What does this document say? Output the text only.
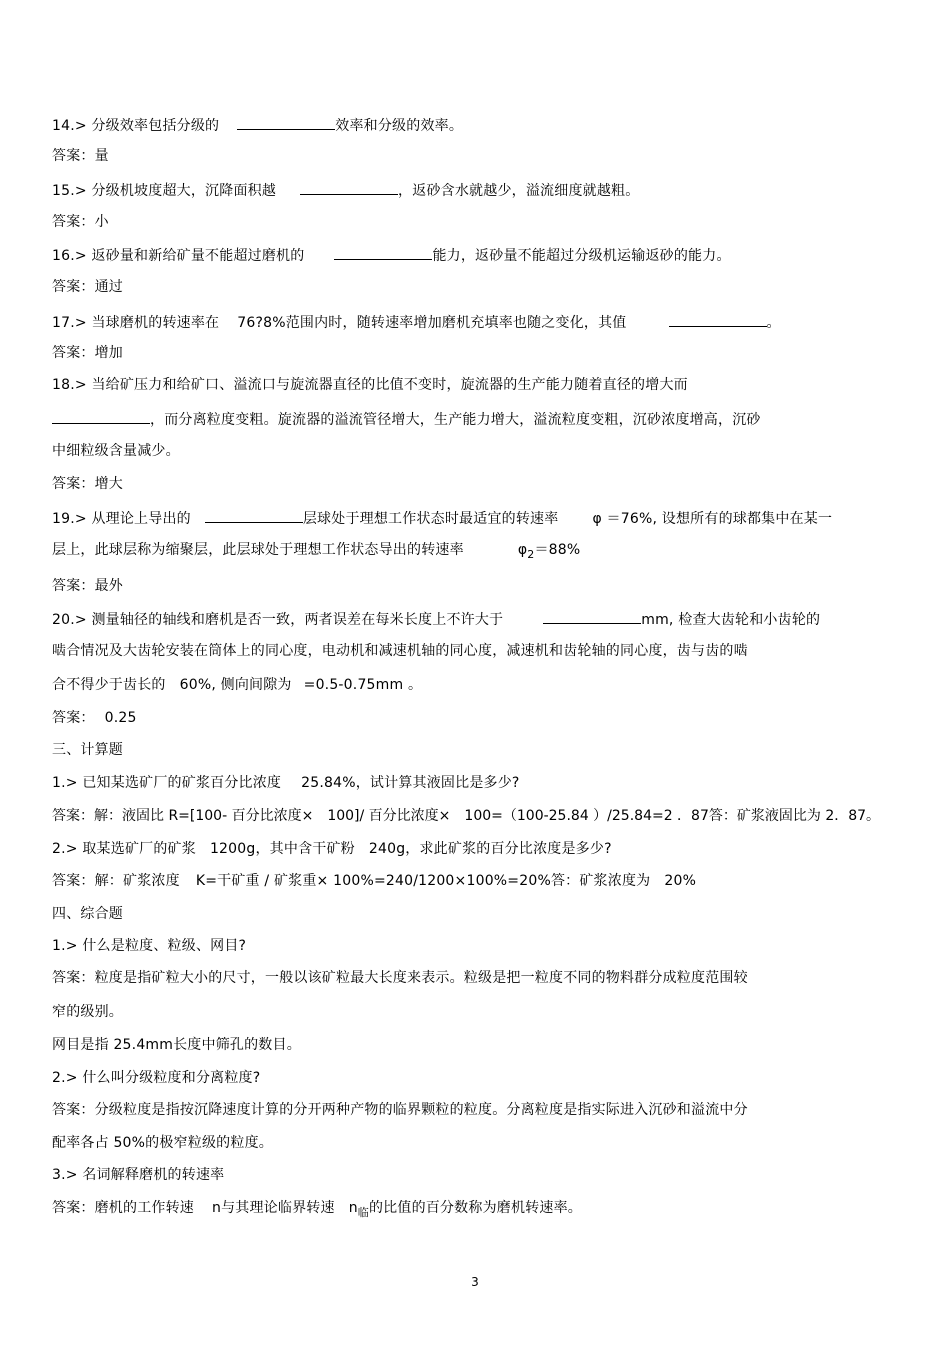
14.> 分级效率包括分级的	效率和分级的效率。
答案：量
15.> 分级机坡度超大，沉降面积越	，返砂含水就越少，溢流细度就越粗。
答案：小
16.> 返砂量和新给矿量不能超过磨机的	能力，返砂量不能超过分级机运输返砂的能力。
答案：通过
17.> 当球磨机的转速率在 76?8%范围内时，随转速率增加磨机充填率也随之变化，其值	。
答案：增加
18.> 当给矿压力和给矿口、溢流口与旋流器直径的比值不变时，旋流器的生产能力随着直径的增大而
，而分离粒度变粗。旋流器的溢流管径增大，生产能力增大，溢流粒度变粗，沉砂浓度增高，沉砂
中细粒级含量减少。
答案：增大
19.> 从理论上导出的	层球处于理想工作状态时最适宜的转速率 φ ＝76%, 设想所有的球都集中在某一
层上，此球层称为缩聚层，此层球处于理想工作状态导出的转速率	$\varphi_2=88\%$
答案：最外
20.> 测量轴径的轴线和磨机是否一致，两者误差在每米长度上不许大于	mm, 检查大齿轮和小齿轮的
啮合情况及大齿轮安装在筒体上的同心度，电动机和减速机轴的同心度，减速机和齿轮轴的同心度，齿与齿的啮
合不得少于齿长的 60%, 侧向间隙为 =0.5-0.75mm 。
答案： 0.25
三、计算题
1.> 已知某选矿厂的矿浆百分比浓度 25.84%，试计算其液固比是多少?
答案：解：液固比 R=[100- 百分比浓度× 100]/ 百分比浓度× 100=（100-25.84 ）/25.84=2 ．87答：矿浆液固比为 2．87。
2.> 取某选矿厂的矿浆 1200g，其中含干矿粉 240g，求此矿浆的百分比浓度是多少?
答案：解：矿浆浓度 K=干矿重 / 矿浆重× 100%=240/1200×100%=20%答：矿浆浓度为 20%
四、综合题
1.> 什么是粒度、粒级、网目?
答案：粒度是指矿粒大小的尺寸，一般以该矿粒最大长度来表示。粒级是把一粒度不同的物料群分成粒度范围较
窄的级别。
网目是指 25.4mm长度中筛孔的数目。
2.> 什么叫分级粒度和分离粒度?
答案：分级粒度是指按沉降速度计算的分开两种产物的临界颗粒的粒度。分离粒度是指实际进入沉砂和溢流中分
配率各占 50%的极窄粒级的粒度。
3.> 名词解释磨机的转速率
答案：磨机的工作转速 n与其理论临界转速 $n_临$的比值的百分数称为磨机转速率。
3
